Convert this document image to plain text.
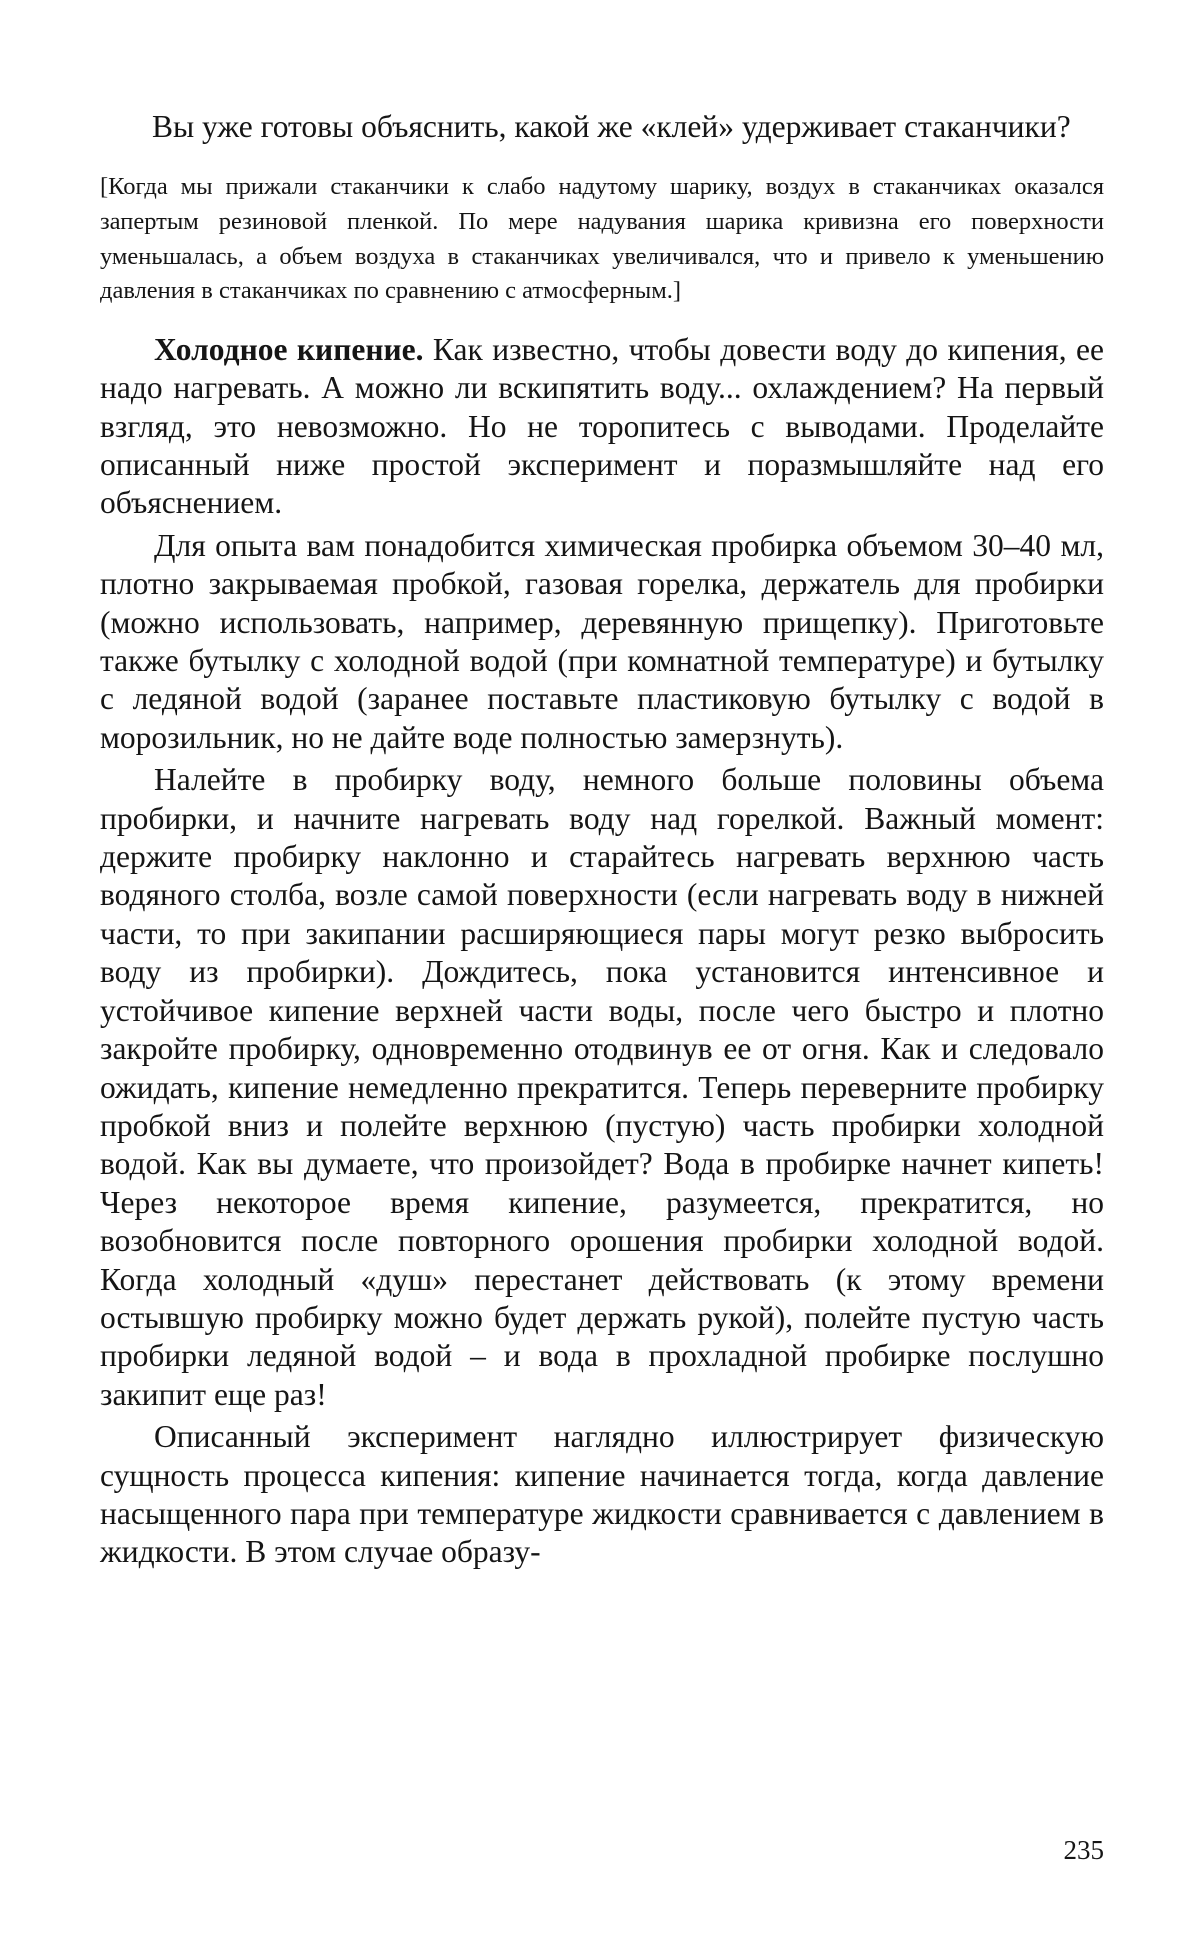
Вы уже готовы объяснить, какой же «клей» удерживает стаканчики?

[Когда мы прижали стаканчики к слабо надутому шарику, воздух в стаканчиках оказался запертым резиновой пленкой. По мере надувания шарика кривизна его поверхности уменьшалась, а объем воздуха в стаканчиках увеличивался, что и привело к уменьшению давления в стаканчиках по сравнению с атмосферным.]

Холодное кипение. Как известно, чтобы довести воду до кипения, ее надо нагревать. А можно ли вскипятить воду... охлаждением? На первый взгляд, это невозможно. Но не торопитесь с выводами. Проделайте описанный ниже простой эксперимент и поразмышляйте над его объяснением.

Для опыта вам понадобится химическая пробирка объемом 30–40 мл, плотно закрываемая пробкой, газовая горелка, держатель для пробирки (можно использовать, например, деревянную прищепку). Приготовьте также бутылку с холодной водой (при комнатной температуре) и бутылку с ледяной водой (заранее поставьте пластиковую бутылку с водой в морозильник, но не дайте воде полностью замерзнуть).

Налейте в пробирку воду, немного больше половины объема пробирки, и начните нагревать воду над горелкой. Важный момент: держите пробирку наклонно и старайтесь нагревать верхнюю часть водяного столба, возле самой поверхности (если нагревать воду в нижней части, то при закипании расширяющиеся пары могут резко выбросить воду из пробирки). Дождитесь, пока установится интенсивное и устойчивое кипение верхней части воды, после чего быстро и плотно закройте пробирку, одновременно отодвинув ее от огня. Как и следовало ожидать, кипение немедленно прекратится. Теперь переверните пробирку пробкой вниз и полейте верхнюю (пустую) часть пробирки холодной водой. Как вы думаете, что произойдет? Вода в пробирке начнет кипеть! Через некоторое время кипение, разумеется, прекратится, но возобновится после повторного орошения пробирки холодной водой. Когда холодный «душ» перестанет действовать (к этому времени остывшую пробирку можно будет держать рукой), полейте пустую часть пробирки ледяной водой – и вода в прохладной пробирке послушно закипит еще раз!

Описанный эксперимент наглядно иллюстрирует физическую сущность процесса кипения: кипение начинается тогда, когда давление насыщенного пара при температуре жидкости сравнивается с давлением в жидкости. В этом случае образу-

235
